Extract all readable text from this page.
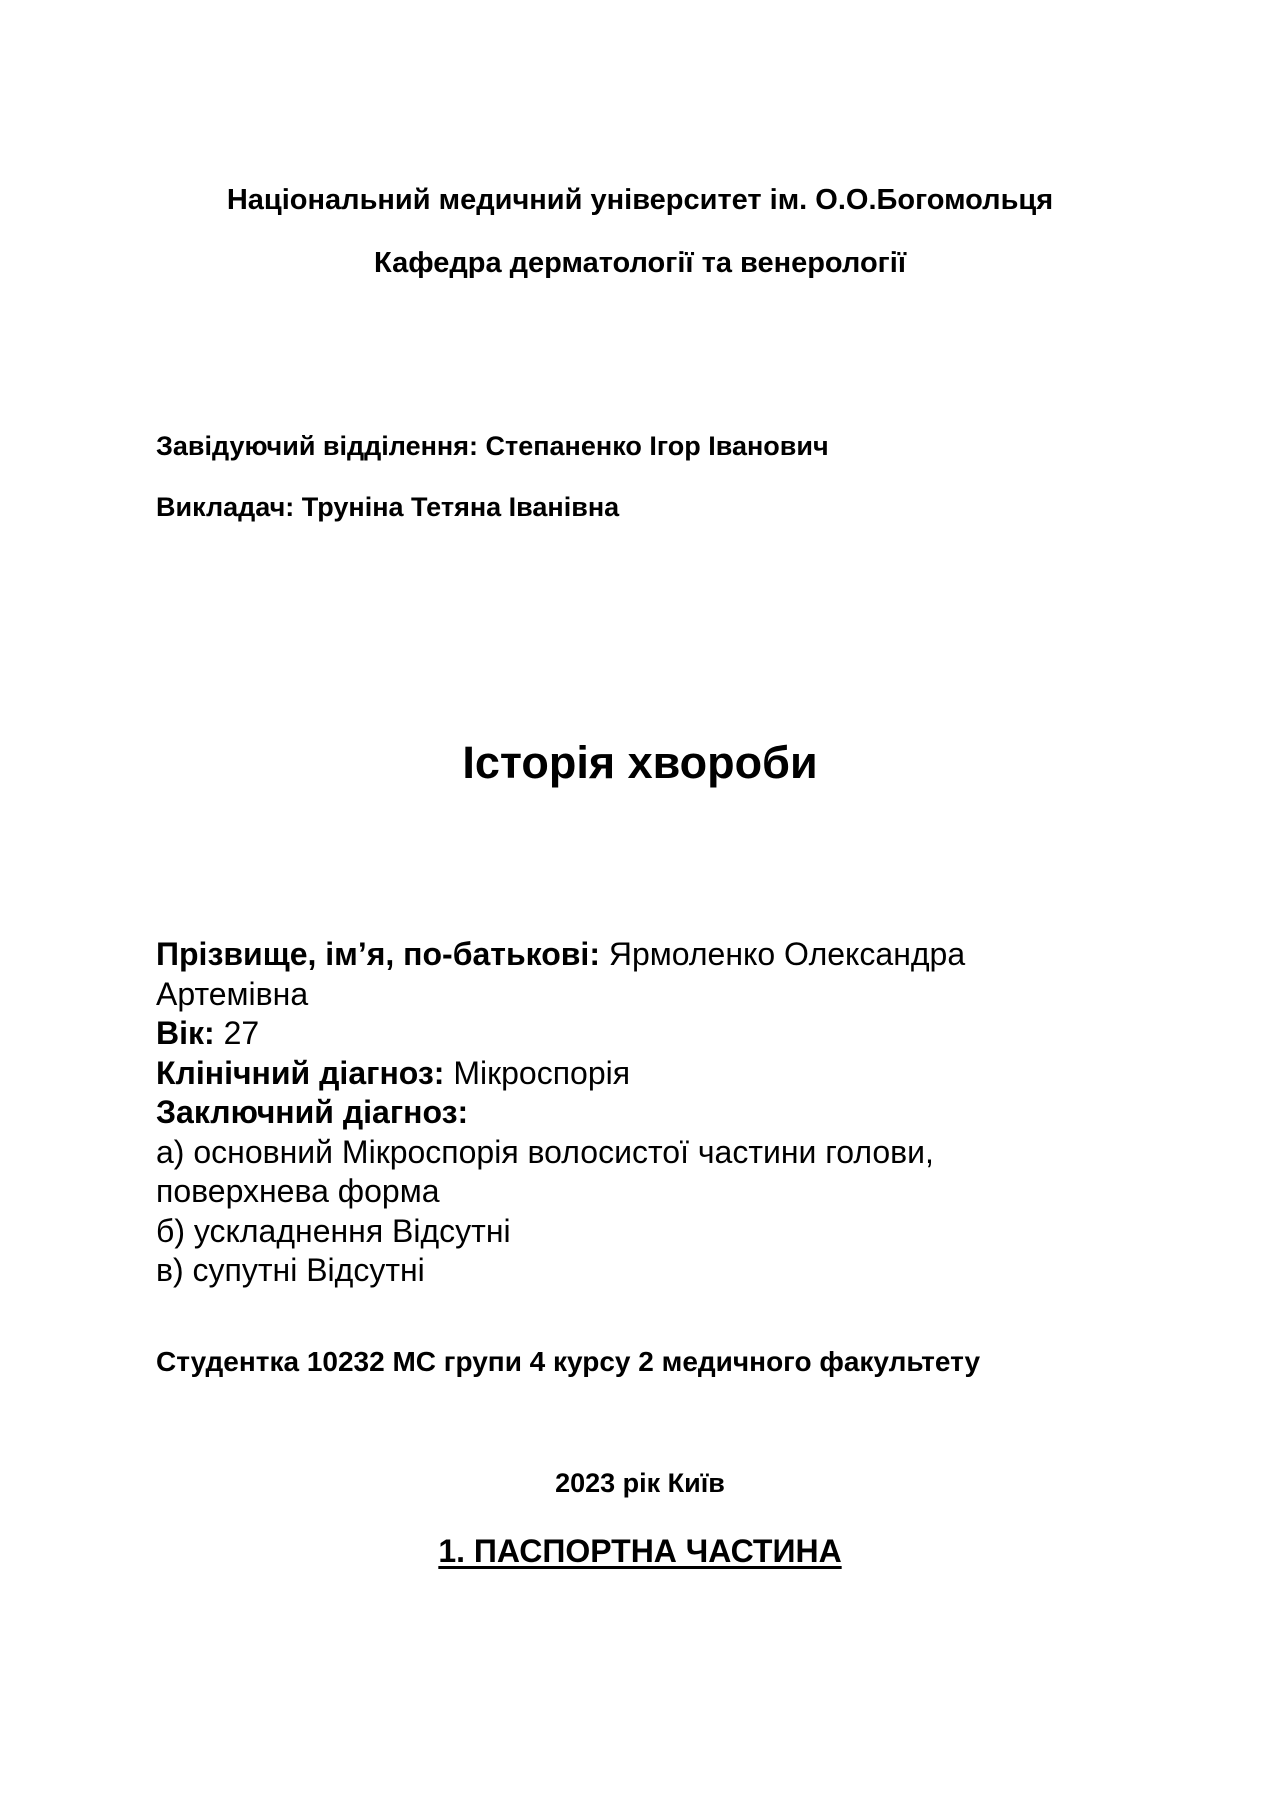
Національний медичний університет ім. О.О.Богомольця

Кафедра дерматології та венерології

Завідуючий відділення: Степаненко Ігор Іванович

Викладач: Труніна Тетяна Іванівна

Історія хвороби

Прізвище, ім’я, по-батькові: Ярмоленко Олександра Артемівна

Вік: 27

Клінічний діагноз: Мікроспорія

Заключний діагноз:

а) основний Мікроспорія волосистої частини голови, поверхнева форма

б) ускладнення Відсутні

в) супутні Відсутні

Студентка 10232 МС групи 4 курсу 2 медичного факультету

2023 рік Київ

1. ПАСПОРТНА ЧАСТИНА
